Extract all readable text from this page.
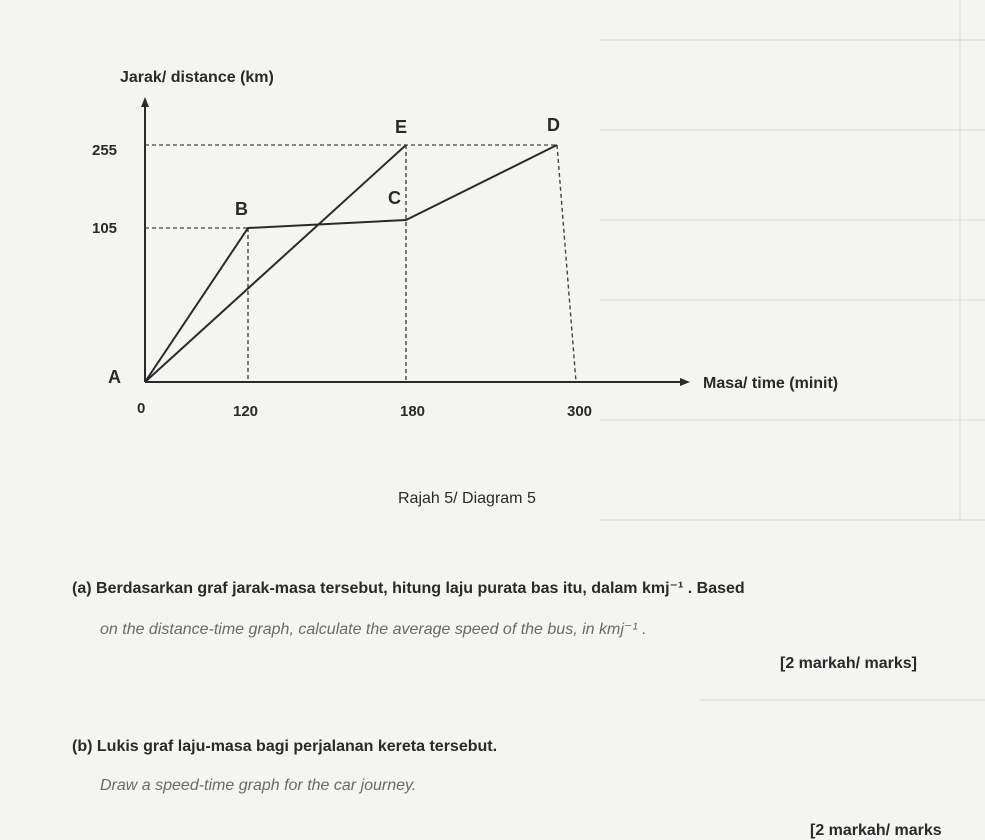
Jarak/ distance (km)
Masa/ time (minit)
255
105
0	120	180	300
A
B
C
E	D
Rajah 5/ Diagram 5
(a) Berdasarkan graf jarak-masa tersebut, hitung laju purata bas itu, dalam kmj⁻¹ . Based
on the distance-time graph, calculate the average speed of the bus, in kmj⁻¹ .
[2 markah/ marks]
(b) Lukis graf laju-masa bagi perjalanan kereta tersebut.
Draw a speed-time graph for the car journey.
[2 markah/ marks
